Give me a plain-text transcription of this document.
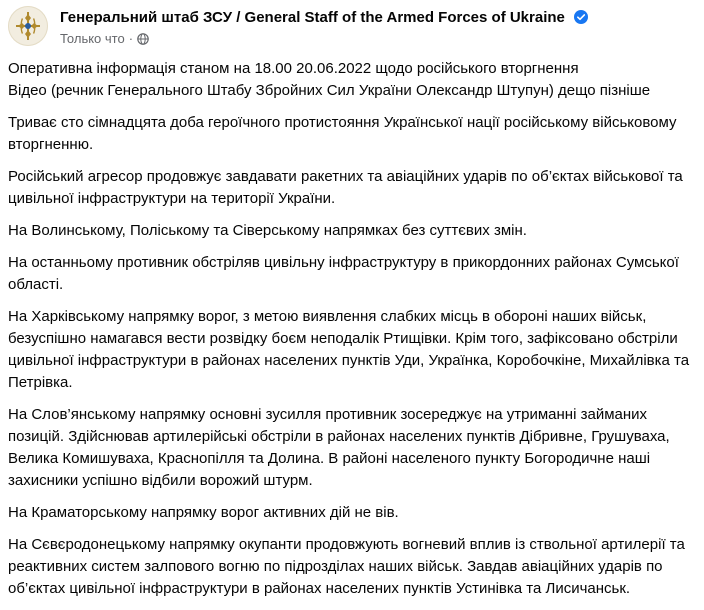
Генеральний штаб ЗСУ / General Staff of the Armed Forces of Ukraine
Только что ·

Оперативна інформація станом на 18.00 20.06.2022 щодо російського вторгнення
Відео (речник Генерального Штабу Збройних Сил України Олександр Штупун) дещо пізніше

Триває сто сімнадцята доба героїчного протистояння Української нації російському військовому вторгненню.

Російський агресор продовжує завдавати ракетних та авіаційних ударів по об’єктах військової та цивільної інфраструктури на території України.

На Волинському, Поліському та Сіверському напрямках без суттєвих змін.

На останньому противник обстріляв цивільну інфраструктуру в прикордонних районах Сумської області.

На Харківському напрямку ворог, з метою виявлення слабких місць в обороні наших військ, безуспішно намагався вести розвідку боєм неподалік Ртищівки. Крім того, зафіксовано обстріли цивільної інфраструктури в районах населених пунктів Уди, Українка, Коробочкіне, Михайлівка та Петрівка.

На Слов’янському напрямку основні зусилля противник зосереджує на утриманні займаних позицій. Здійснював артилерійські обстріли в районах населених пунктів Дібривне, Грушуваха, Велика Комишуваха, Краснопілля та Долина. В районі населеного пункту Богородичне наші захисники успішно відбили ворожий штурм.

На Краматорському напрямку ворог активних дій не вів.

На Сєвєродонецькому напрямку окупанти продовжують вогневий вплив із ствольної артилерії та реактивних систем залпового вогню по підрозділах наших військ. Завдав авіаційних ударів по об’єктах цивільної інфраструктури в районах населених пунктів Устинівка та Лисичанськ.
